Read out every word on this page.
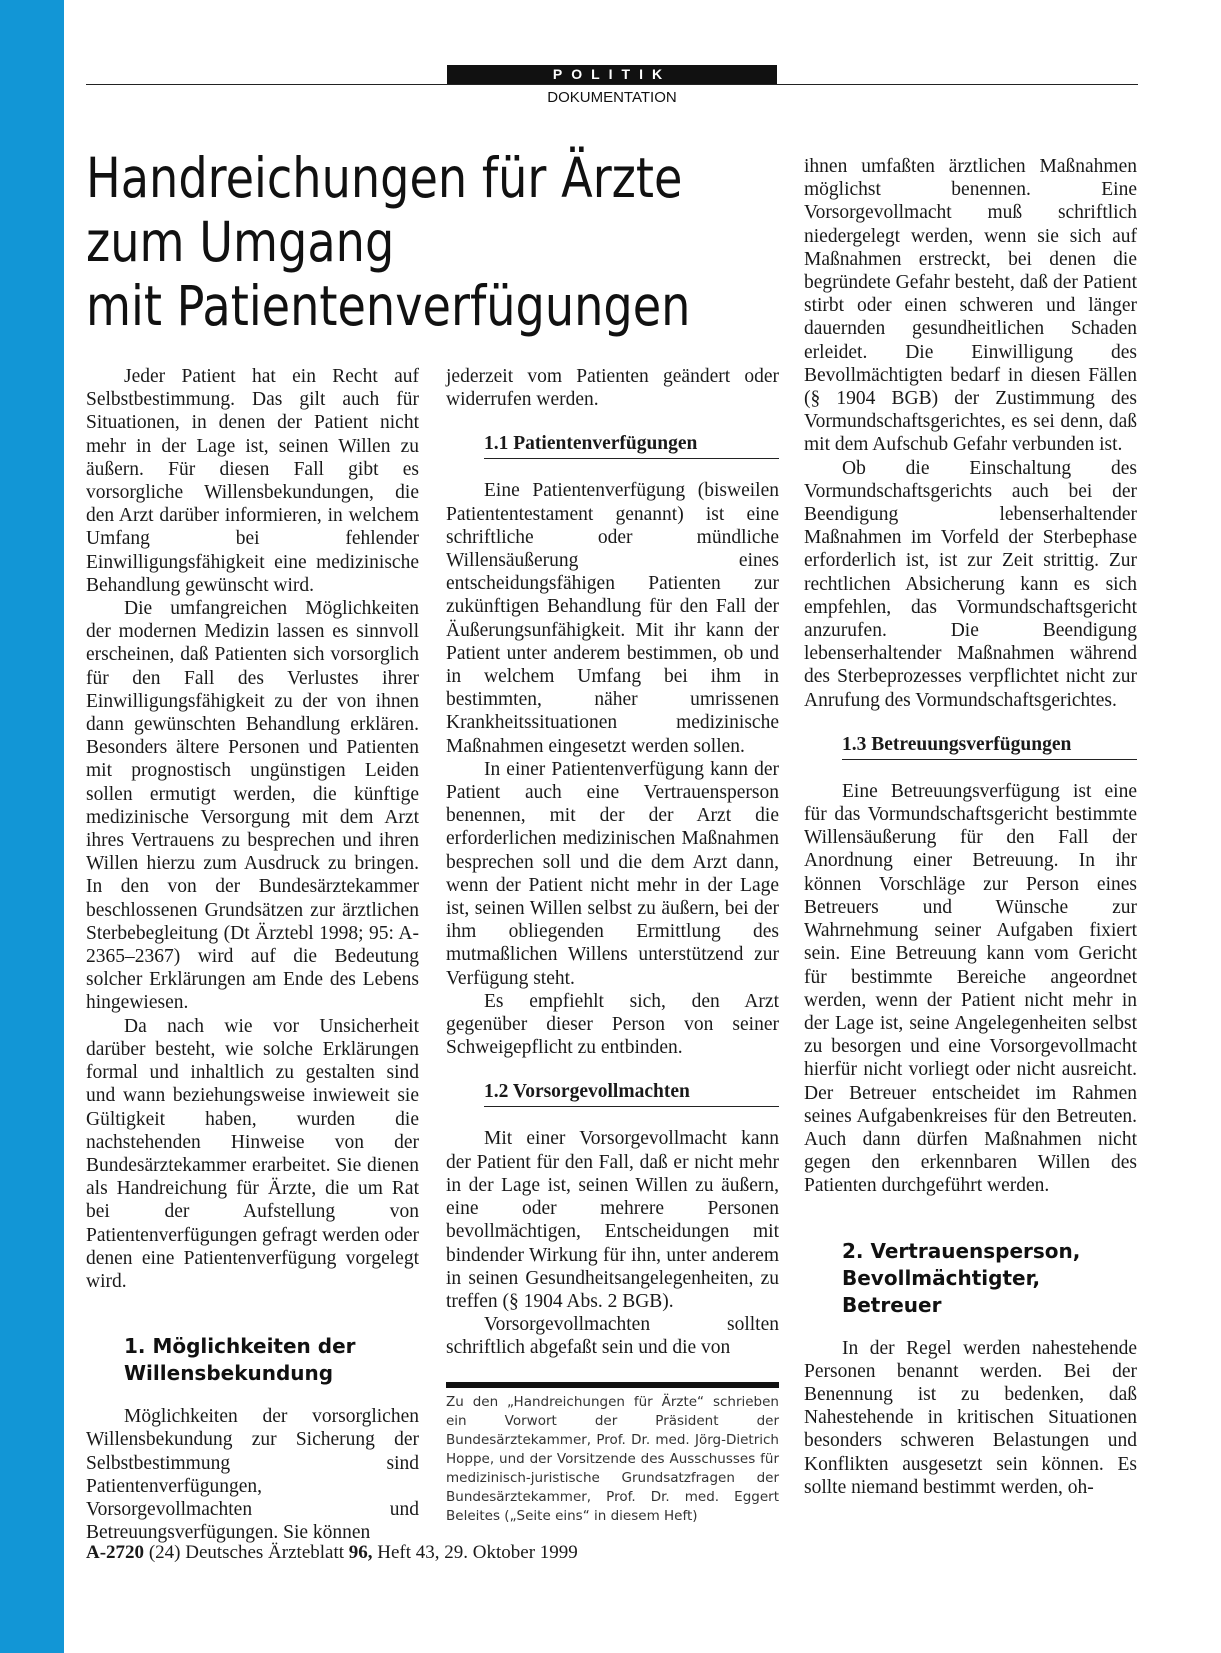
POLITIK
DOKUMENTATION
Handreichungen für Ärzte
zum Umgang
mit Patientenverfügungen

Jeder Patient hat ein Recht auf Selbstbestimmung. Das gilt auch für Situationen, in denen der Patient nicht mehr in der Lage ist, seinen Willen zu äußern. Für diesen Fall gibt es vorsorgliche Willensbekundungen, die den Arzt darüber informieren, in welchem Umfang bei fehlender Einwilligungsfähigkeit eine medizinische Behandlung gewünscht wird.

Die umfangreichen Möglichkeiten der modernen Medizin lassen es sinnvoll erscheinen, daß Patienten sich vorsorglich für den Fall des Verlustes ihrer Einwilligungsfähigkeit zu der von ihnen dann gewünschten Behandlung erklären. Besonders ältere Personen und Patienten mit prognostisch ungünstigen Leiden sollen ermutigt werden, die künftige medizinische Versorgung mit dem Arzt ihres Vertrauens zu besprechen und ihren Willen hierzu zum Ausdruck zu bringen. In den von der Bundesärztekammer beschlossenen Grundsätzen zur ärztlichen Sterbebegleitung (Dt Ärztebl 1998; 95: A-2365–2367) wird auf die Bedeutung solcher Erklärungen am Ende des Lebens hingewiesen.

Da nach wie vor Unsicherheit darüber besteht, wie solche Erklärungen formal und inhaltlich zu gestalten sind und wann beziehungsweise inwieweit sie Gültigkeit haben, wurden die nachstehenden Hinweise von der Bundesärztekammer erarbeitet. Sie dienen als Handreichung für Ärzte, die um Rat bei der Aufstellung von Patientenverfügungen gefragt werden oder denen eine Patientenverfügung vorgelegt wird.

1. Möglichkeiten der Willensbekundung

Möglichkeiten der vorsorglichen Willensbekundung zur Sicherung der Selbstbestimmung sind Patientenverfügungen, Vorsorgevollmachten und Betreuungsverfügungen. Sie können

jederzeit vom Patienten geändert oder widerrufen werden.

1.1 Patientenverfügungen

Eine Patientenverfügung (bisweilen Patiententestament genannt) ist eine schriftliche oder mündliche Willensäußerung eines entscheidungsfähigen Patienten zur zukünftigen Behandlung für den Fall der Äußerungsunfähigkeit. Mit ihr kann der Patient unter anderem bestimmen, ob und in welchem Umfang bei ihm in bestimmten, näher umrissenen Krankheitssituationen medizinische Maßnahmen eingesetzt werden sollen.

In einer Patientenverfügung kann der Patient auch eine Vertrauensperson benennen, mit der der Arzt die erforderlichen medizinischen Maßnahmen besprechen soll und die dem Arzt dann, wenn der Patient nicht mehr in der Lage ist, seinen Willen selbst zu äußern, bei der ihm obliegenden Ermittlung des mutmaßlichen Willens unterstützend zur Verfügung steht.

Es empfiehlt sich, den Arzt gegenüber dieser Person von seiner Schweigepflicht zu entbinden.

1.2 Vorsorgevollmachten

Mit einer Vorsorgevollmacht kann der Patient für den Fall, daß er nicht mehr in der Lage ist, seinen Willen zu äußern, eine oder mehrere Personen bevollmächtigen, Entscheidungen mit bindender Wirkung für ihn, unter anderem in seinen Gesundheitsangelegenheiten, zu treffen (§ 1904 Abs. 2 BGB).

Vorsorgevollmachten sollten schriftlich abgefaßt sein und die von

Zu den „Handreichungen für Ärzte“ schrieben ein Vorwort der Präsident der Bundesärztekammer, Prof. Dr. med. Jörg-Dietrich Hoppe, und der Vorsitzende des Ausschusses für medizinisch-juristische Grundsatzfragen der Bundesärztekammer, Prof. Dr. med. Eggert Beleites („Seite eins“ in diesem Heft)

ihnen umfaßten ärztlichen Maßnahmen möglichst benennen. Eine Vorsorgevollmacht muß schriftlich niedergelegt werden, wenn sie sich auf Maßnahmen erstreckt, bei denen die begründete Gefahr besteht, daß der Patient stirbt oder einen schweren und länger dauernden gesundheitlichen Schaden erleidet. Die Einwilligung des Bevollmächtigten bedarf in diesen Fällen (§ 1904 BGB) der Zustimmung des Vormundschaftsgerichtes, es sei denn, daß mit dem Aufschub Gefahr verbunden ist.

Ob die Einschaltung des Vormundschaftsgerichts auch bei der Beendigung lebenserhaltender Maßnahmen im Vorfeld der Sterbephase erforderlich ist, ist zur Zeit strittig. Zur rechtlichen Absicherung kann es sich empfehlen, das Vormundschaftsgericht anzurufen. Die Beendigung lebenserhaltender Maßnahmen während des Sterbeprozesses verpflichtet nicht zur Anrufung des Vormundschaftsgerichtes.

1.3 Betreuungsverfügungen

Eine Betreuungsverfügung ist eine für das Vormundschaftsgericht bestimmte Willensäußerung für den Fall der Anordnung einer Betreuung. In ihr können Vorschläge zur Person eines Betreuers und Wünsche zur Wahrnehmung seiner Aufgaben fixiert sein. Eine Betreuung kann vom Gericht für bestimmte Bereiche angeordnet werden, wenn der Patient nicht mehr in der Lage ist, seine Angelegenheiten selbst zu besorgen und eine Vorsorgevollmacht hierfür nicht vorliegt oder nicht ausreicht. Der Betreuer entscheidet im Rahmen seines Aufgabenkreises für den Betreuten. Auch dann dürfen Maßnahmen nicht gegen den erkennbaren Willen des Patienten durchgeführt werden.

2. Vertrauensperson, Bevollmächtigter, Betreuer

In der Regel werden nahestehende Personen benannt werden. Bei der Benennung ist zu bedenken, daß Nahestehende in kritischen Situationen besonders schweren Belastungen und Konflikten ausgesetzt sein können. Es sollte niemand bestimmt werden, oh-

A-2720 (24) Deutsches Ärzteblatt 96, Heft 43, 29. Oktober 1999
